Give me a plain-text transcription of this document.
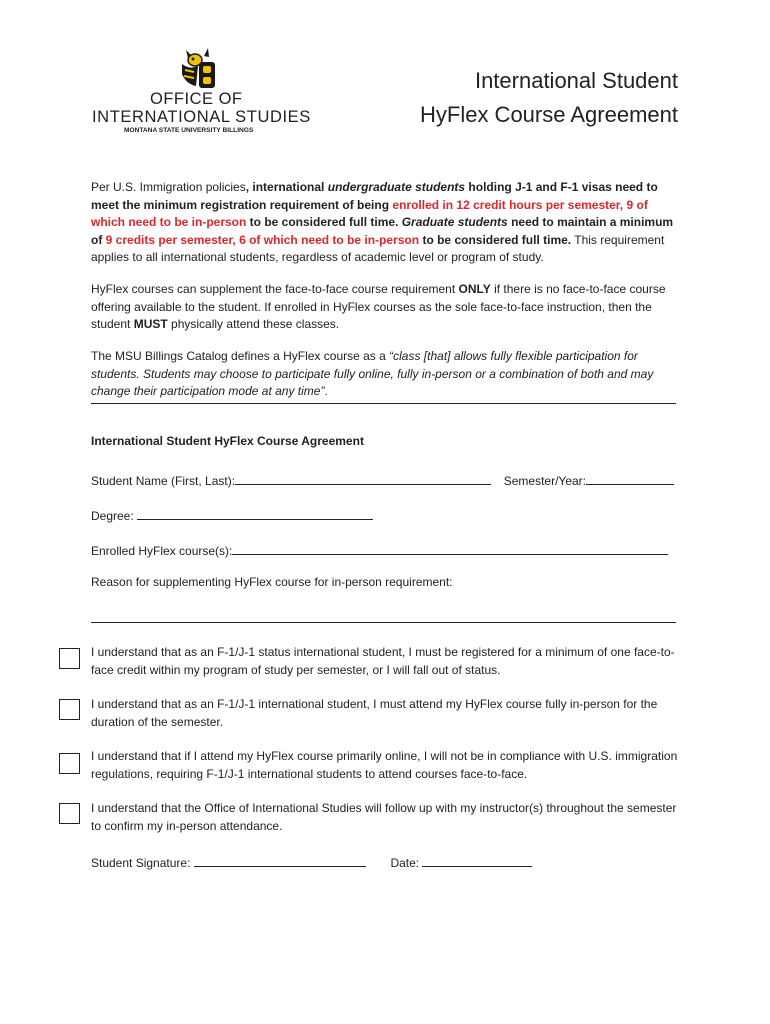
OFFICE OF
INTERNATIONAL STUDIES
MONTANA STATE UNIVERSITY BILLINGS
International Student
HyFlex Course Agreement
Per U.S. Immigration policies, international undergraduate students holding J-1 and F-1 visas need to meet the minimum registration requirement of being enrolled in 12 credit hours per semester, 9 of which need to be in-person to be considered full time. Graduate students need to maintain a minimum of 9 credits per semester, 6 of which need to be in-person to be considered full time. This requirement applies to all international students, regardless of academic level or program of study.
HyFlex courses can supplement the face-to-face course requirement ONLY if there is no face-to-face course offering available to the student. If enrolled in HyFlex courses as the sole face-to-face instruction, then the student MUST physically attend these classes.
The MSU Billings Catalog defines a HyFlex course as a “class [that] allows fully flexible participation for students. Students may choose to participate fully online, fully in-person or a combination of both and may change their participation mode at any time”.
International Student HyFlex Course Agreement
Student Name (First, Last):	Semester/Year:
Degree:
Enrolled HyFlex course(s):
Reason for supplementing HyFlex course for in-person requirement:
I understand that as an F-1/J-1 status international student, I must be registered for a minimum of one face-to-face credit within my program of study per semester, or I will fall out of status.
I understand that as an F-1/J-1 international student, I must attend my HyFlex course fully in-person for the duration of the semester.
I understand that if I attend my HyFlex course primarily online, I will not be in compliance with U.S. immigration regulations, requiring F-1/J-1 international students to attend courses face-to-face.
I understand that the Office of International Studies will follow up with my instructor(s) throughout the semester to confirm my in-person attendance.
Student Signature:	Date:
